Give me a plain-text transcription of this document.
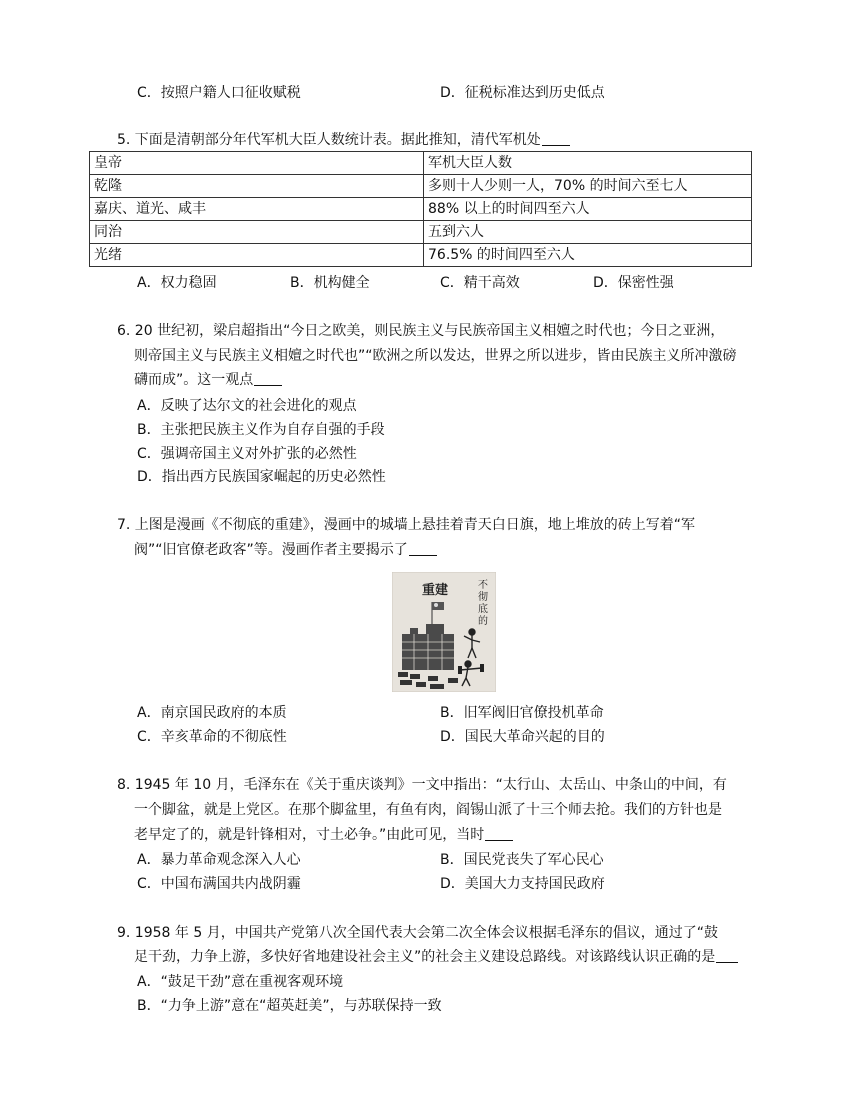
C．按照户籍人口征收赋税	D．征税标准达到历史低点
5. 下面是清朝部分年代军机大臣人数统计表。据此推知，清代军机处
皇帝	军机大臣人数
乾隆	多则十人少则一人，70% 的时间六至七人
嘉庆、道光、咸丰	88% 以上的时间四至六人
同治	五到六人
光绪	76.5% 的时间四至六人
A．权力稳固	B．机构健全	C．精干高效	D．保密性强
6. 20 世纪初，梁启超指出“今日之欧美，则民族主义与民族帝国主义相嬗之时代也；今日之亚洲，
则帝国主义与民族主义相嬗之时代也”“欧洲之所以发达，世界之所以进步，皆由民族主义所冲激磅
礴而成”。这一观点
A．反映了达尔文的社会进化的观点
B．主张把民族主义作为自存自强的手段
C．强调帝国主义对外扩张的必然性
D．指出西方民族国家崛起的历史必然性
7. 上图是漫画《不彻底的重建》，漫画中的城墙上悬挂着青天白日旗，地上堆放的砖上写着“军
阀”“旧官僚老政客”等。漫画作者主要揭示了
不彻底的
重建
A．南京国民政府的本质	B．旧军阀旧官僚投机革命
C．辛亥革命的不彻底性	D．国民大革命兴起的目的
8. 1945 年 10 月，毛泽东在《关于重庆谈判》一文中指出：“太行山、太岳山、中条山的中间，有
一个脚盆，就是上党区。在那个脚盆里，有鱼有肉，阎锡山派了十三个师去抢。我们的方针也是
老早定了的，就是针锋相对，寸土必争。”由此可见，当时
A．暴力革命观念深入人心	B．国民党丧失了军心民心
C．中国布满国共内战阴霾	D．美国大力支持国民政府
9. 1958 年 5 月，中国共产党第八次全国代表大会第二次全体会议根据毛泽东的倡议，通过了“鼓
足干劲，力争上游，多快好省地建设社会主义”的社会主义建设总路线。对该路线认识正确的是
A．“鼓足干劲”意在重视客观环境
B．“力争上游”意在“超英赶美”，与苏联保持一致
